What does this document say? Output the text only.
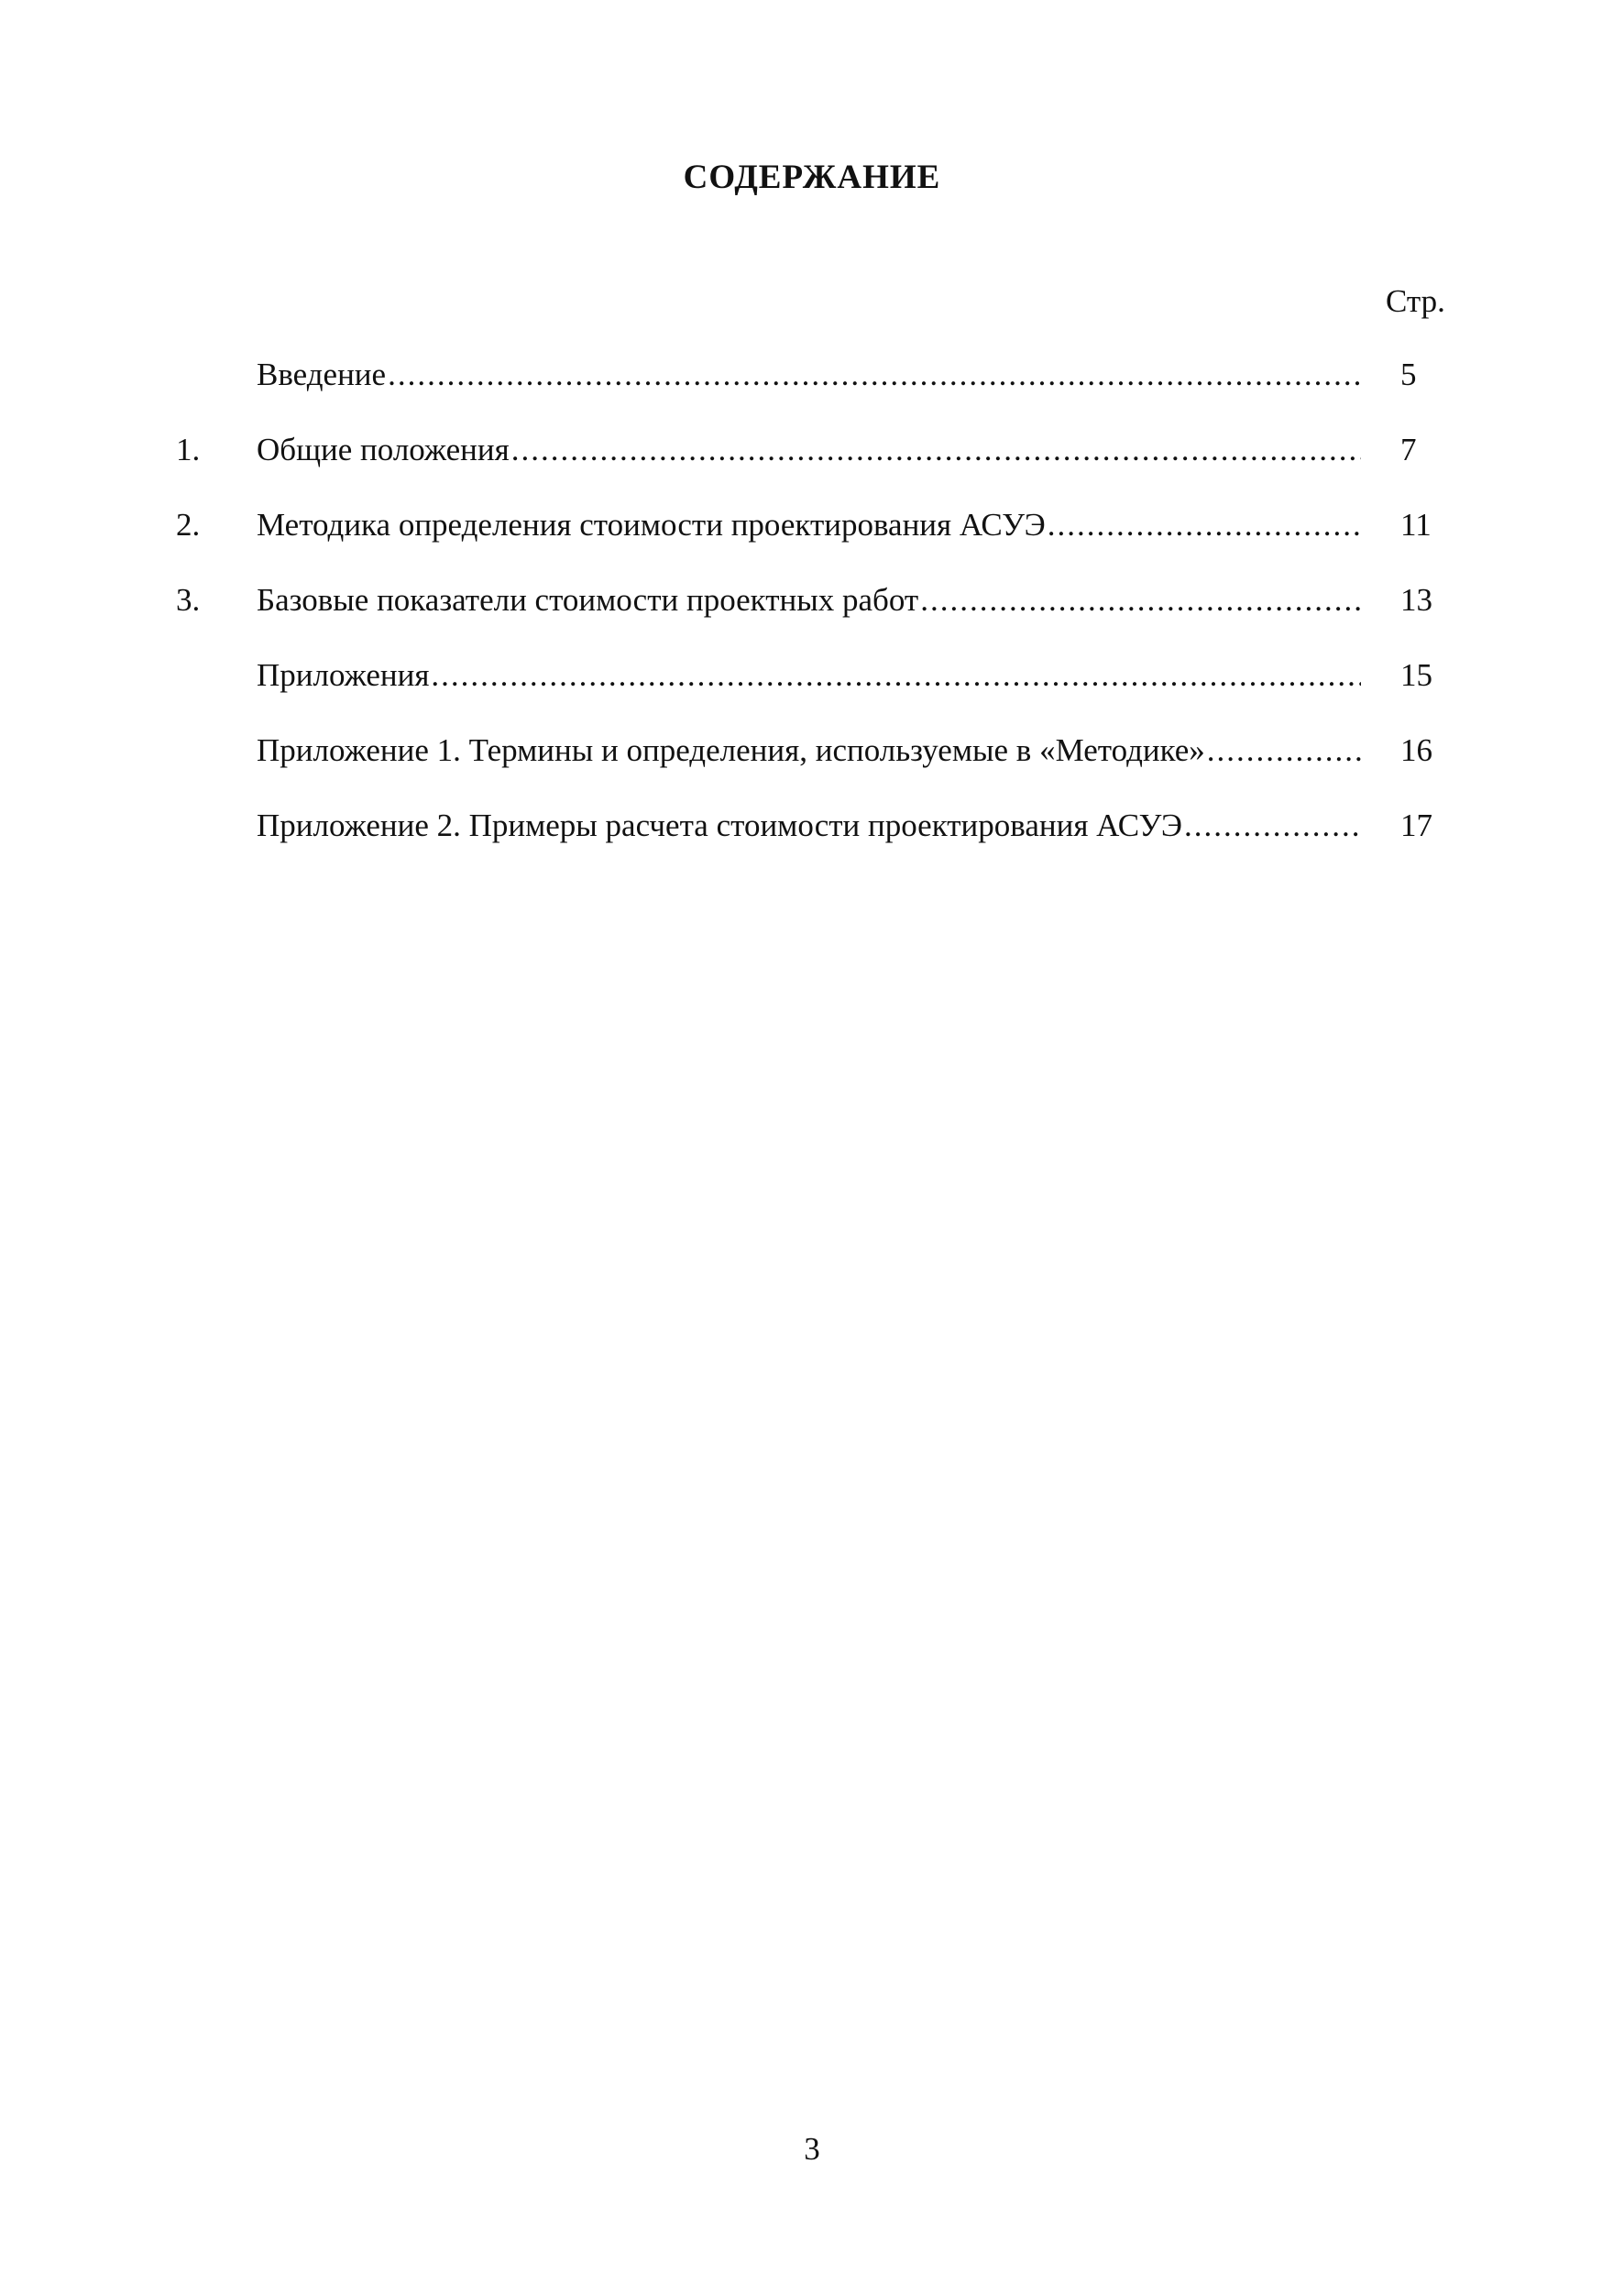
СОДЕРЖАНИЕ
Стр.
Введение .....	5
1. Общие положения .....	7
2. Методика определения стоимости проектирования АСУЭ .....	11
3. Базовые показатели стоимости проектных работ .....	13
Приложения .....	15
Приложение 1. Термины и определения, используемые в «Методике» .....	16
Приложение 2. Примеры расчета стоимости проектирования АСУЭ .....	17
3
